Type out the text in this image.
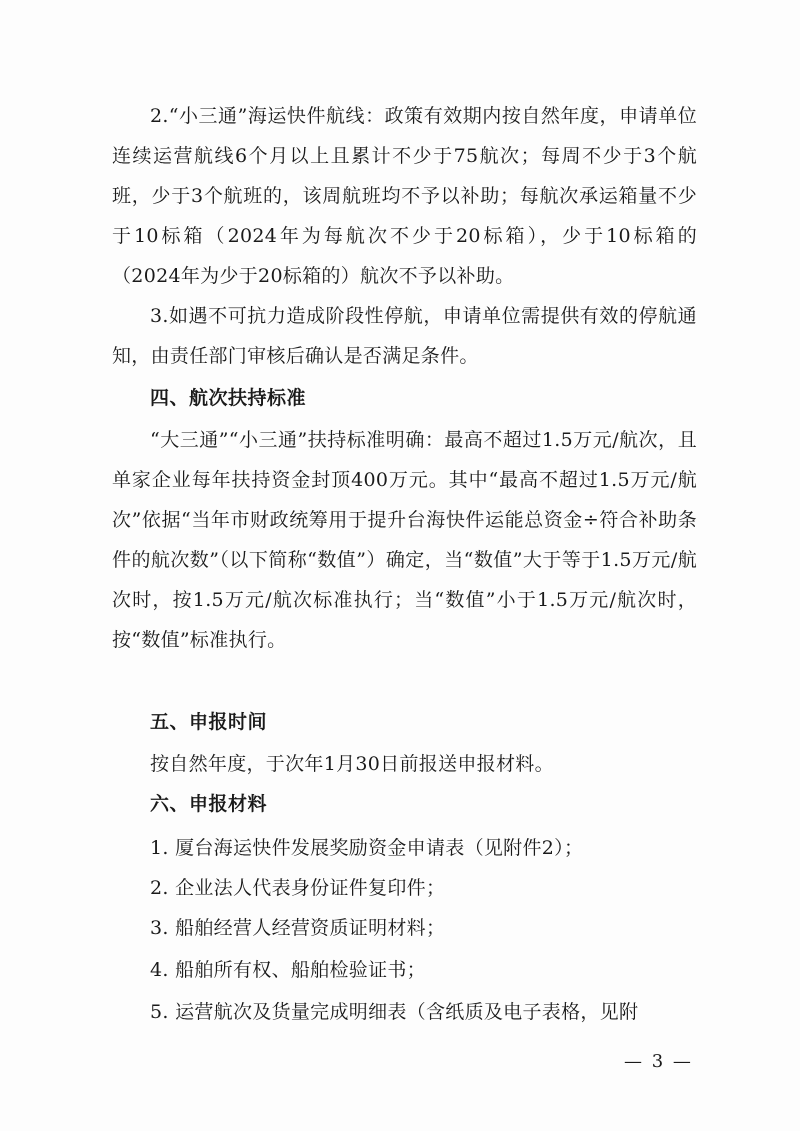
2.“小三通”海运快件航线：政策有效期内按自然年度，申请单位连续运营航线6个月以上且累计不少于75航次；每周不少于3个航班，少于3个航班的，该周航班均不予以补助；每航次承运箱量不少于10标箱（2024年为每航次不少于20标箱），少于10标箱的（2024年为少于20标箱的）航次不予以补助。

3.如遇不可抗力造成阶段性停航，申请单位需提供有效的停航通知，由责任部门审核后确认是否满足条件。

四、航次扶持标准

“大三通”“小三通”扶持标准明确：最高不超过1.5万元/航次，且单家企业每年扶持资金封顶400万元。其中“最高不超过1.5万元/航次”依据“当年市财政统筹用于提升台海快件运能总资金÷符合补助条件的航次数”（以下简称“数值”）确定，当“数值”大于等于1.5万元/航次时，按1.5万元/航次标准执行；当“数值”小于1.5万元/航次时，按“数值”标准执行。

五、申报时间

按自然年度，于次年1月30日前报送申报材料。

六、申报材料

1. 厦台海运快件发展奖励资金申请表（见附件2）；

2. 企业法人代表身份证件复印件；

3. 船舶经营人经营资质证明材料；

4. 船舶所有权、船舶检验证书；

5. 运营航次及货量完成明细表（含纸质及电子表格，见附

— 3 —
